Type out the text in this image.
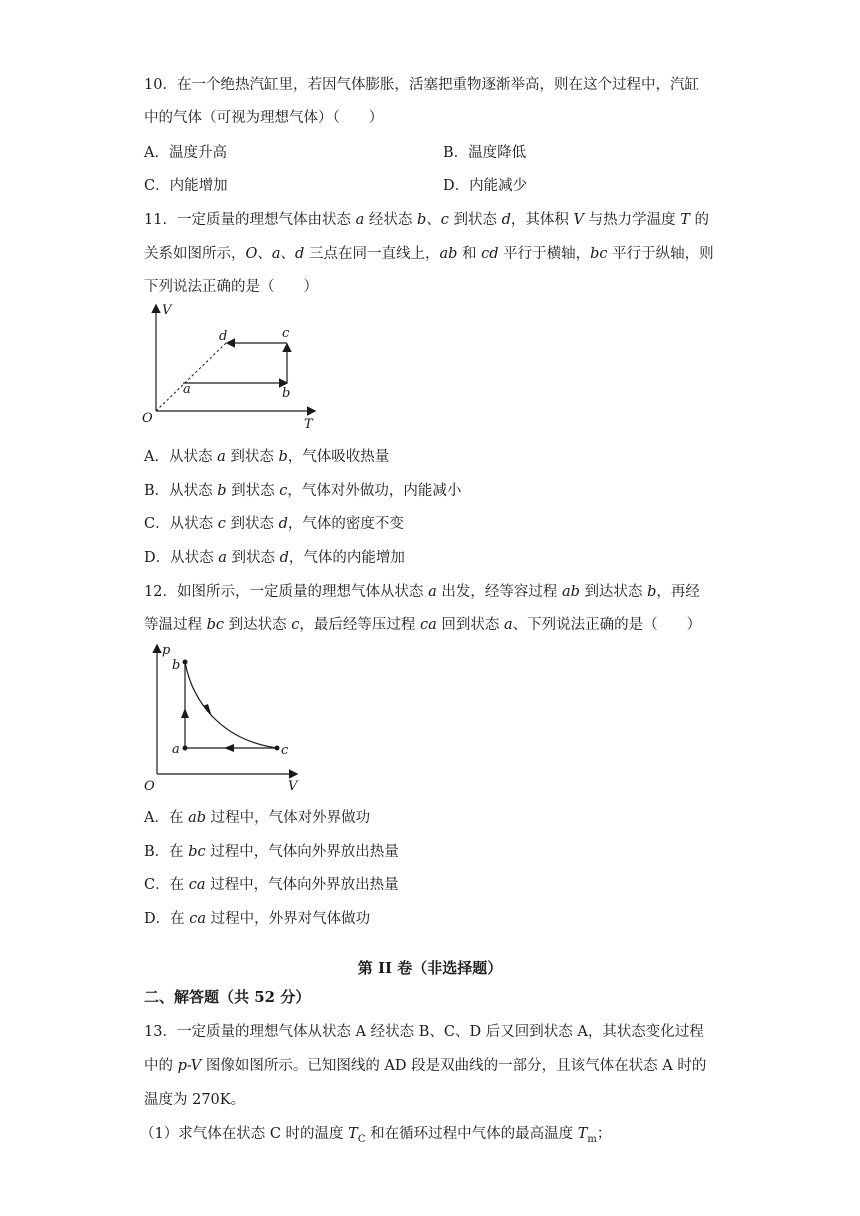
10．在一个绝热汽缸里，若因气体膨胀，活塞把重物逐渐举高，则在这个过程中，汽缸
中的气体（可视为理想气体）（　　）
A．温度升高	B．温度降低
C．内能增加	D．内能减少
11．一定质量的理想气体由状态 a 经状态 b、c 到状态 d，其体积 V 与热力学温度 T 的
关系如图所示，O、a、d 三点在同一直线上，ab 和 cd 平行于横轴，bc 平行于纵轴，则
下列说法正确的是（　　）
V
T
O
a	b
c
d
A．从状态 a 到状态 b，气体吸收热量
B．从状态 b 到状态 c，气体对外做功，内能减小
C．从状态 c 到状态 d，气体的密度不变
D．从状态 a 到状态 d，气体的内能增加
12．如图所示，一定质量的理想气体从状态 a 出发，经等容过程 ab 到达状态 b，再经
等温过程 bc 到达状态 c，最后经等压过程 ca 回到状态 a、下列说法正确的是（　　）
p
V
O
a
b
c
A．在 ab 过程中，气体对外界做功
B．在 bc 过程中，气体向外界放出热量
C．在 ca 过程中，气体向外界放出热量
D．在 ca 过程中，外界对气体做功
第 II 卷（非选择题）
二、解答题（共 52 分）
13．一定质量的理想气体从状态 A 经状态 B、C、D 后又回到状态 A，其状态变化过程
中的 p-V 图像如图所示。已知图线的 AD 段是双曲线的一部分，且该气体在状态 A 时的
温度为 270K。
（1）求气体在状态 C 时的温度 $T_C$ 和在循环过程中气体的最高温度 $T_m$；
